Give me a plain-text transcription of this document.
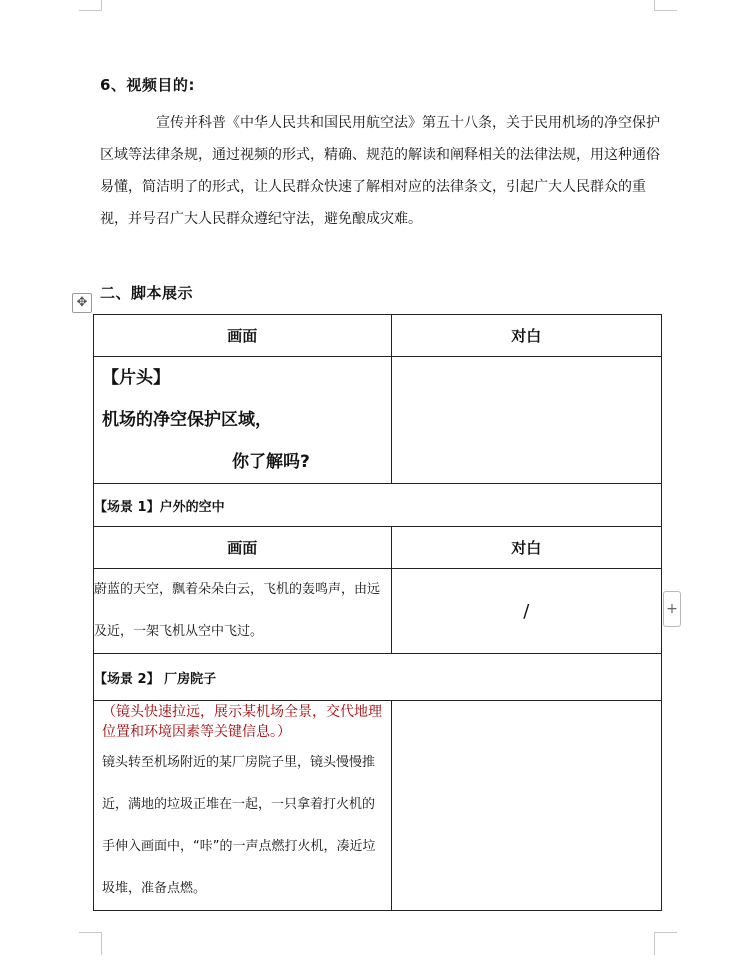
6、视频目的:

宣传并科普《中华人民共和国民用航空法》第五十八条，关于民用机场的净空保护区域等法律条规，通过视频的形式，精确、规范的解读和阐释相关的法律法规，用这种通俗易懂，简洁明了的形式，让人民群众快速了解相对应的法律条文，引起广大人民群众的重视，并号召广大人民群众遵纪守法，避免酿成灾难。

二、脚本展示
✥
+
画面	对白

【片头】
机场的净空保护区域，
你了解吗?	

【场景 1】户外的空中	
画面	对白
蔚蓝的天空，飘着朵朵白云，飞机的轰鸣声，由远及近，一架飞机从空中飞过。	/
【场景 2】 厂房院子	

（镜头快速拉远，展示某机场全景，交代地理位置和环境因素等关键信息。）
镜头转至机场附近的某厂房院子里，镜头慢慢推近，满地的垃圾正堆在一起，一只拿着打火机的手伸入画面中，“咔”的一声点燃打火机，凑近垃圾堆，准备点燃。	
